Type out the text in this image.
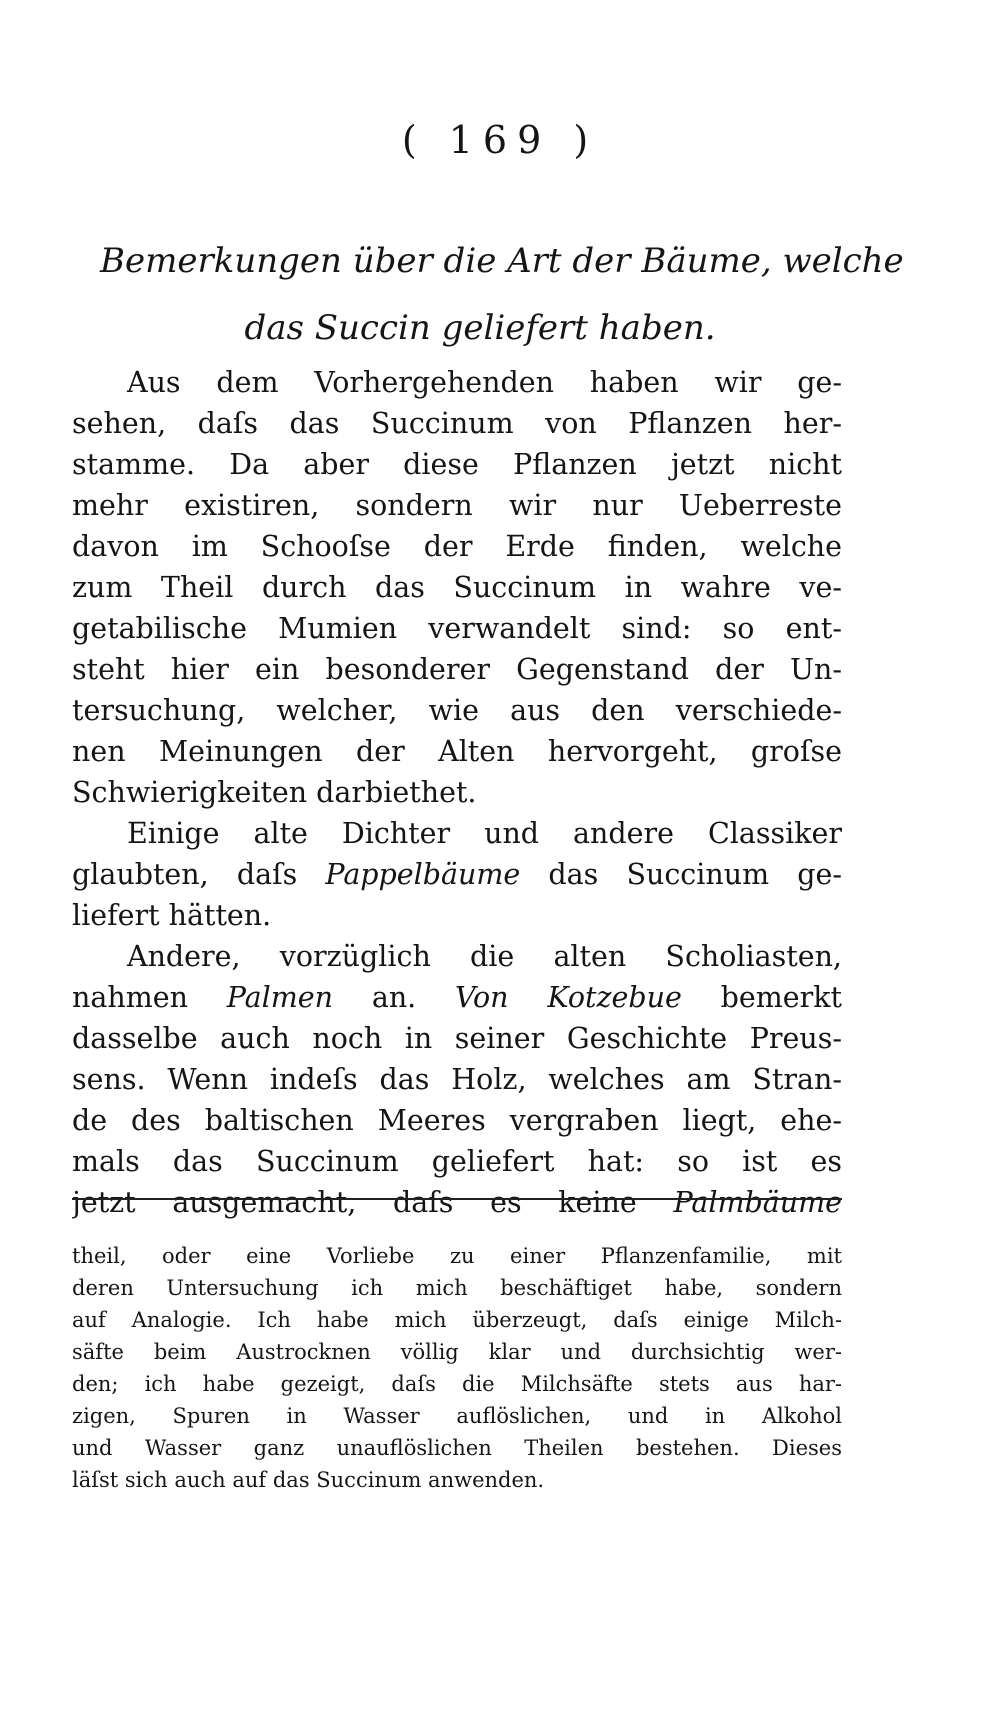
( 169 )
Bemerkungen über die Art der Bäume, welche
das Succin geliefert haben.
Aus dem Vorhergehenden haben wir ge-
sehen, daſs das Succinum von Pflanzen her-
stamme. Da aber diese Pflanzen jetzt nicht
mehr existiren, sondern wir nur Ueberreste
davon im Schooſse der Erde finden, welche
zum Theil durch das Succinum in wahre ve-
getabilische Mumien verwandelt sind: so ent-
steht hier ein besonderer Gegenstand der Un-
tersuchung, welcher, wie aus den verschiede-
nen Meinungen der Alten hervorgeht, groſse
Schwierigkeiten darbiethet.
Einige alte Dichter und andere Classiker
glaubten, daſs Pappelbäume das Succinum ge-
liefert hätten.
Andere, vorzüglich die alten Scholiasten,
nahmen Palmen an. Von Kotzebue bemerkt
dasselbe auch noch in seiner Geschichte Preus-
sens. Wenn indeſs das Holz, welches am Stran-
de des baltischen Meeres vergraben liegt, ehe-
mals das Succinum geliefert hat: so ist es
jetzt ausgemacht, daſs es keine Palmbäume
theil, oder eine Vorliebe zu einer Pflanzenfamilie, mit
deren Untersuchung ich mich beschäftiget habe, sondern
auf Analogie. Ich habe mich überzeugt, daſs einige Milch-
säfte beim Austrocknen völlig klar und durchsichtig wer-
den; ich habe gezeigt, daſs die Milchsäfte stets aus har-
zigen, Spuren in Wasser auflöslichen, und in Alkohol
und Wasser ganz unauflöslichen Theilen bestehen. Dieses
läſst sich auch auf das Succinum anwenden.
